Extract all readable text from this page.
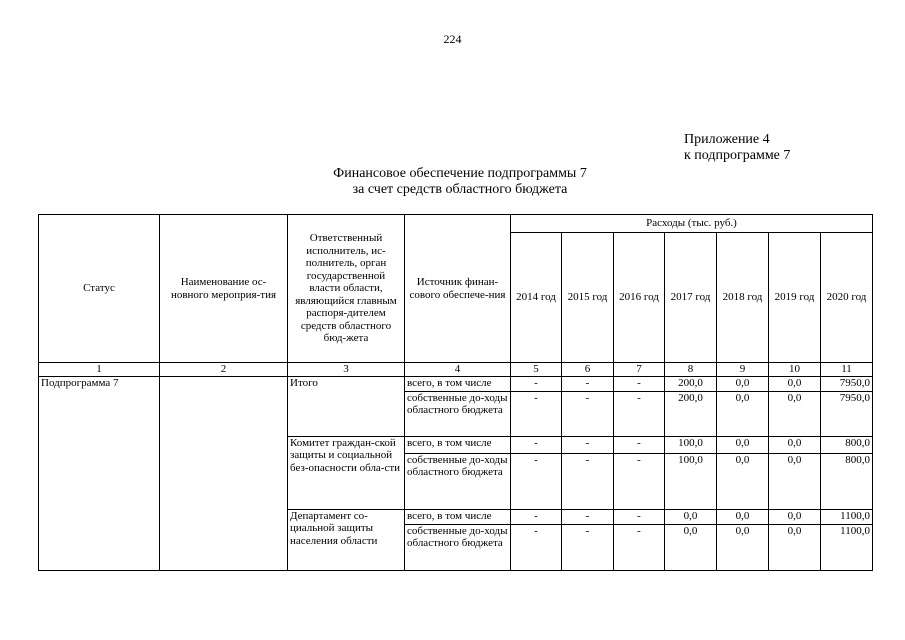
224
Приложение 4
к подпрограмме 7
Финансовое обеспечение подпрограммы 7
за счет средств областного бюджета
Статус	Наименование ос-новного мероприя-тия	Ответственный исполнитель, ис-полнитель, орган государственной власти области, являющийся главным распоря-дителем средств областного бюд-жета	Источник финан-сового обеспече-ния	Расходы (тыс. руб.)						
				2014 год	2015 год	2016 год	2017 год	2018 год	2019 год	2020 год
1	2	3	4	5	6	7	8	9	10	11
Подпрограмма 7		Итого	всего, в том числе	-	-	-	200,0	0,0	0,0	7950,0
			собственные до-ходы областного бюджета	-	-	-	200,0	0,0	0,0	7950,0
		Комитет граждан-ской защиты и социальной без-опасности обла-сти	всего, в том числе	-	-	-	100,0	0,0	0,0	800,0
			собственные до-ходы областного бюджета	-	-	-	100,0	0,0	0,0	800,0
		Департамент со-циальной защиты населения области	всего, в том числе	-	-	-	0,0	0,0	0,0	1100,0
			собственные до-ходы областного бюджета	-	-	-	0,0	0,0	0,0	1100,0
